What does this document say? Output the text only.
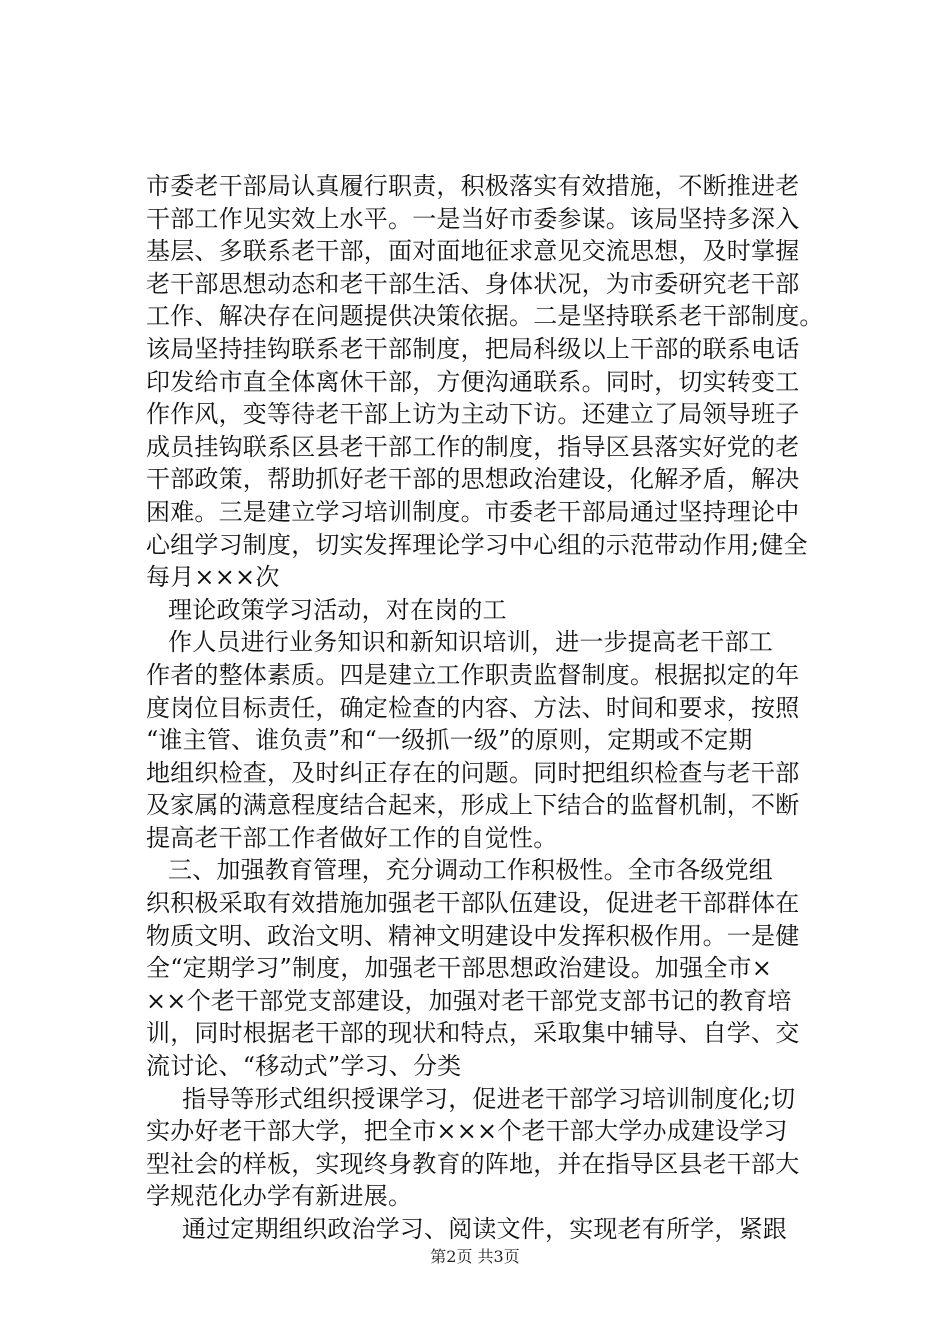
市委老干部局认真履行职责，积极落实有效措施，不断推进老
干部工作见实效上水平。一是当好市委参谋。该局坚持多深入
基层、多联系老干部，面对面地征求意见交流思想，及时掌握
老干部思想动态和老干部生活、身体状况，为市委研究老干部
工作、解决存在问题提供决策依据。二是坚持联系老干部制度。
该局坚持挂钩联系老干部制度，把局科级以上干部的联系电话
印发给市直全体离休干部，方便沟通联系。同时，切实转变工
作作风，变等待老干部上访为主动下访。还建立了局领导班子
成员挂钩联系区县老干部工作的制度，指导区县落实好党的老
干部政策，帮助抓好老干部的思想政治建设，化解矛盾，解决
困难。三是建立学习培训制度。市委老干部局通过坚持理论中
心组学习制度，切实发挥理论学习中心组的示范带动作用;健全
每月×××次
理论政策学习活动，对在岗的工
作人员进行业务知识和新知识培训，进一步提高老干部工
作者的整体素质。四是建立工作职责监督制度。根据拟定的年
度岗位目标责任，确定检查的内容、方法、时间和要求，按照
“谁主管、谁负责”和“一级抓一级”的原则，定期或不定期
地组织检查，及时纠正存在的问题。同时把组织检查与老干部
及家属的满意程度结合起来，形成上下结合的监督机制，不断
提高老干部工作者做好工作的自觉性。
三、加强教育管理，充分调动工作积极性。全市各级党组
织积极采取有效措施加强老干部队伍建设，促进老干部群体在
物质文明、政治文明、精神文明建设中发挥积极作用。一是健
全“定期学习”制度，加强老干部思想政治建设。加强全市×
××个老干部党支部建设，加强对老干部党支部书记的教育培
训，同时根据老干部的现状和特点，采取集中辅导、自学、交
流讨论、“移动式”学习、分类
指导等形式组织授课学习，促进老干部学习培训制度化;切
实办好老干部大学，把全市×××个老干部大学办成建设学习
型社会的样板，实现终身教育的阵地，并在指导区县老干部大
学规范化办学有新进展。
通过定期组织政治学习、阅读文件，实现老有所学，紧跟
第2页 共3页
